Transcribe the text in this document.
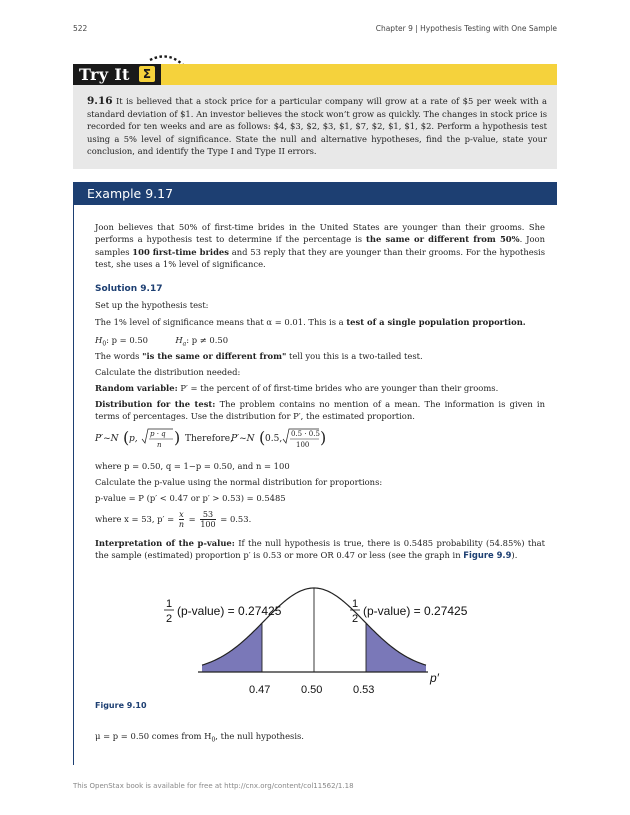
522	Chapter 9 | Hypothesis Testing with One Sample
Try It	Σ
9.16 It is believed that a stock price for a particular company will grow at a rate of $5 per week with a standard deviation of $1. An investor believes the stock won’t grow as quickly. The changes in stock price is recorded for ten weeks and are as follows: $4, $3, $2, $3, $1, $7, $2, $1, $1, $2. Perform a hypothesis test using a 5% level of significance. State the null and alternative hypotheses, find the p-value, state your conclusion, and identify the Type I and Type II errors.
Example 9.17
Joon believes that 50% of first-time brides in the United States are younger than their grooms. She performs a hypothesis test to determine if the percentage is the same or different from 50%. Joon samples 100 first-time brides and 53 reply that they are younger than their grooms. For the hypothesis test, she uses a 1% level of significance.
Solution 9.17
Set up the hypothesis test:
The 1% level of significance means that α = 0.01. This is a test of a single population proportion.
$H_0$: p = 0.50	$H_a$: p ≠ 0.50
The words "is the same or different from" tell you this is a two-tailed test.
Calculate the distribution needed:
Random variable: P′ = the percent of of first-time brides who are younger than their grooms.
Distribution for the test: The problem contains no mention of a mean. The information is given in terms of percentages. Use the distribution for P′, the estimated proportion.
P′~N ( p, p · q
n ) Therefore,
P′~N ( 0.5, 0.5 · 0.5
100 )
where p = 0.50, q = 1−p = 0.50, and n = 100
Calculate the p-value using the normal distribution for proportions:
p-value = P (p′ < 0.47 or p′ > 0.53) = 0.5485
where x = 53, $p' = \frac{x}{n} = \frac{53}{100} = 0.53$.
Interpretation of the p-value: If the null hypothesis is true, there is 0.5485 probability (54.85%) that the sample (estimated) proportion p′ is 0.53 or more OR 0.47 or less (see the graph in Figure 9.9).
1
2
(p-value) = 0.27425	1
2
(p-value) = 0.27425
p′
0.47	0.50	0.53
Figure 9.10
μ = p = 0.50 comes from $H_0$, the null hypothesis.
This OpenStax book is available for free at http://cnx.org/content/col11562/1.18
